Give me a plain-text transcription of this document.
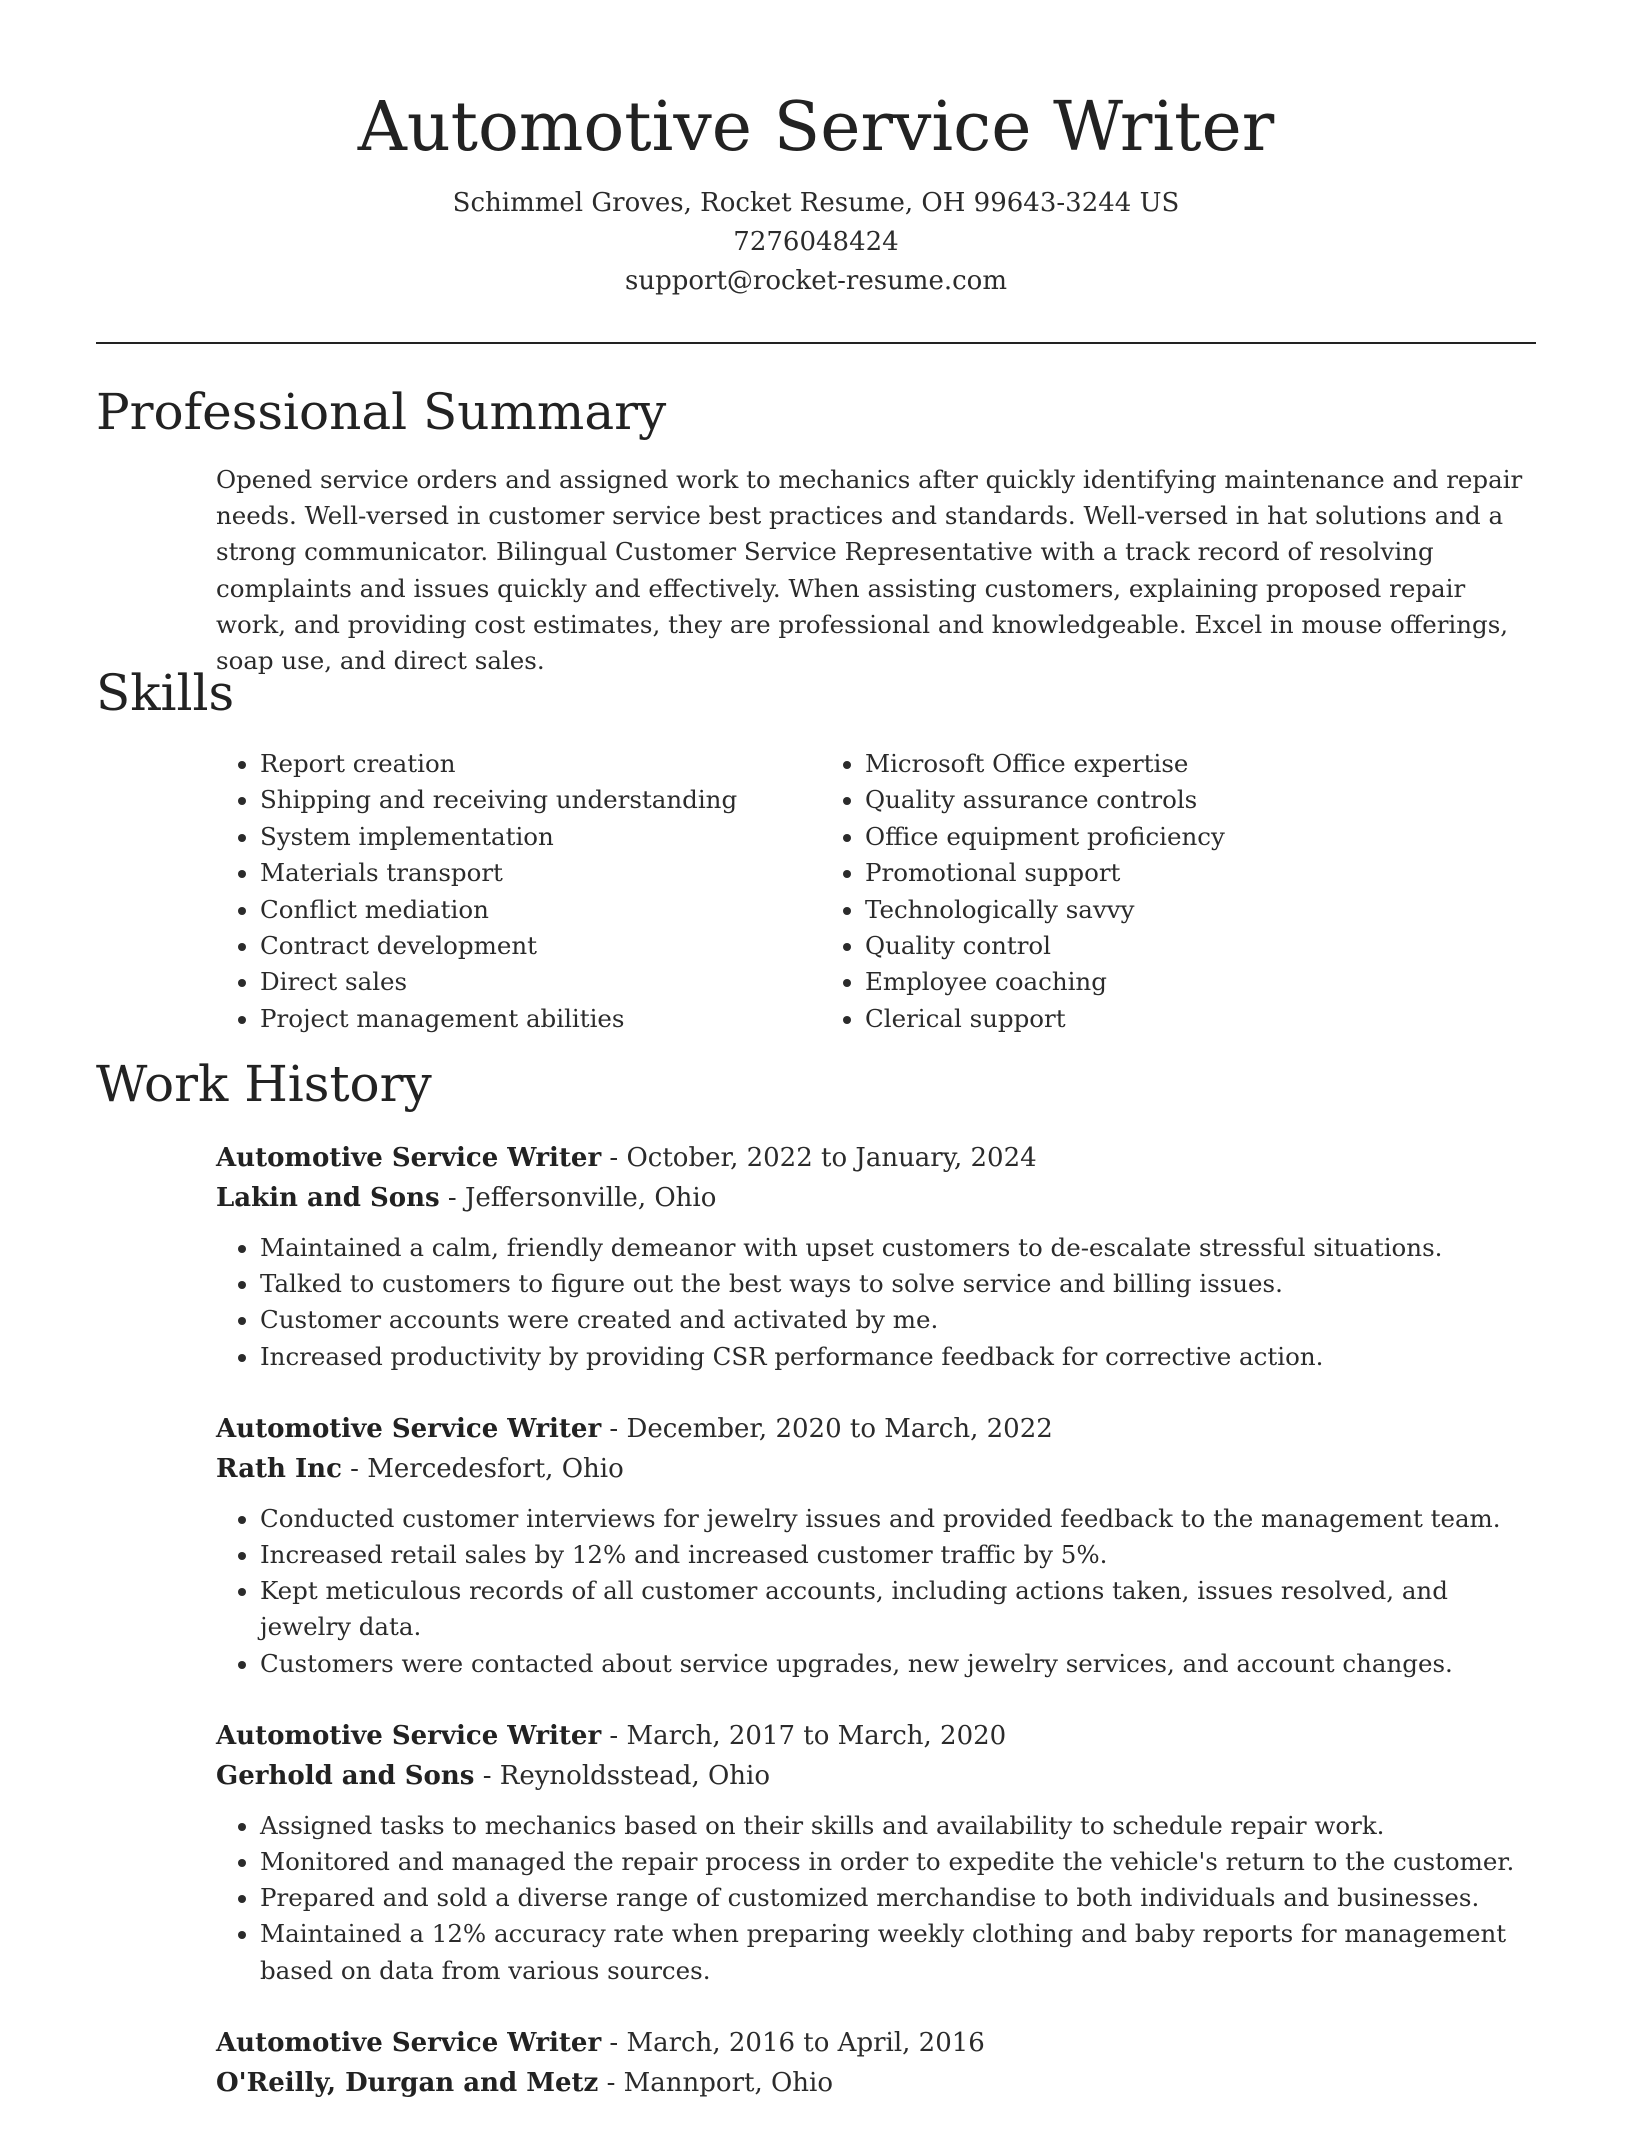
Automotive Service Writer

Schimmel Groves, Rocket Resume, OH 99643-3244 US

7276048424

support@rocket-resume.com

Professional Summary

Opened service orders and assigned work to mechanics after quickly identifying maintenance and repair needs. Well-versed in customer service best practices and standards. Well-versed in hat solutions and a strong communicator. Bilingual Customer Service Representative with a track record of resolving complaints and issues quickly and effectively. When assisting customers, explaining proposed repair work, and providing cost estimates, they are professional and knowledgeable. Excel in mouse offerings, soap use, and direct sales.

Skills
• Report creation
• Shipping and receiving understanding
• System implementation
• Materials transport
• Conflict mediation
• Contract development
• Direct sales
• Project management abilities
• Microsoft Office expertise
• Quality assurance controls
• Office equipment proficiency
• Promotional support
• Technologically savvy
• Quality control
• Employee coaching
• Clerical support
Work History

Automotive Service Writer - October, 2022 to January, 2024

Lakin and Sons - Jeffersonville, Ohio

• Maintained a calm, friendly demeanor with upset customers to de-escalate stressful situations.
• Talked to customers to figure out the best ways to solve service and billing issues.
• Customer accounts were created and activated by me.
• Increased productivity by providing CSR performance feedback for corrective action.

Automotive Service Writer - December, 2020 to March, 2022

Rath Inc - Mercedesfort, Ohio

• Conducted customer interviews for jewelry issues and provided feedback to the management team.
• Increased retail sales by 12% and increased customer traffic by 5%.
• Kept meticulous records of all customer accounts, including actions taken, issues resolved, and jewelry data.
• Customers were contacted about service upgrades, new jewelry services, and account changes.

Automotive Service Writer - March, 2017 to March, 2020

Gerhold and Sons - Reynoldsstead, Ohio

• Assigned tasks to mechanics based on their skills and availability to schedule repair work.
• Monitored and managed the repair process in order to expedite the vehicle's return to the customer.
• Prepared and sold a diverse range of customized merchandise to both individuals and businesses.
• Maintained a 12% accuracy rate when preparing weekly clothing and baby reports for management based on data from various sources.

Automotive Service Writer - March, 2016 to April, 2016

O'Reilly, Durgan and Metz - Mannport, Ohio
